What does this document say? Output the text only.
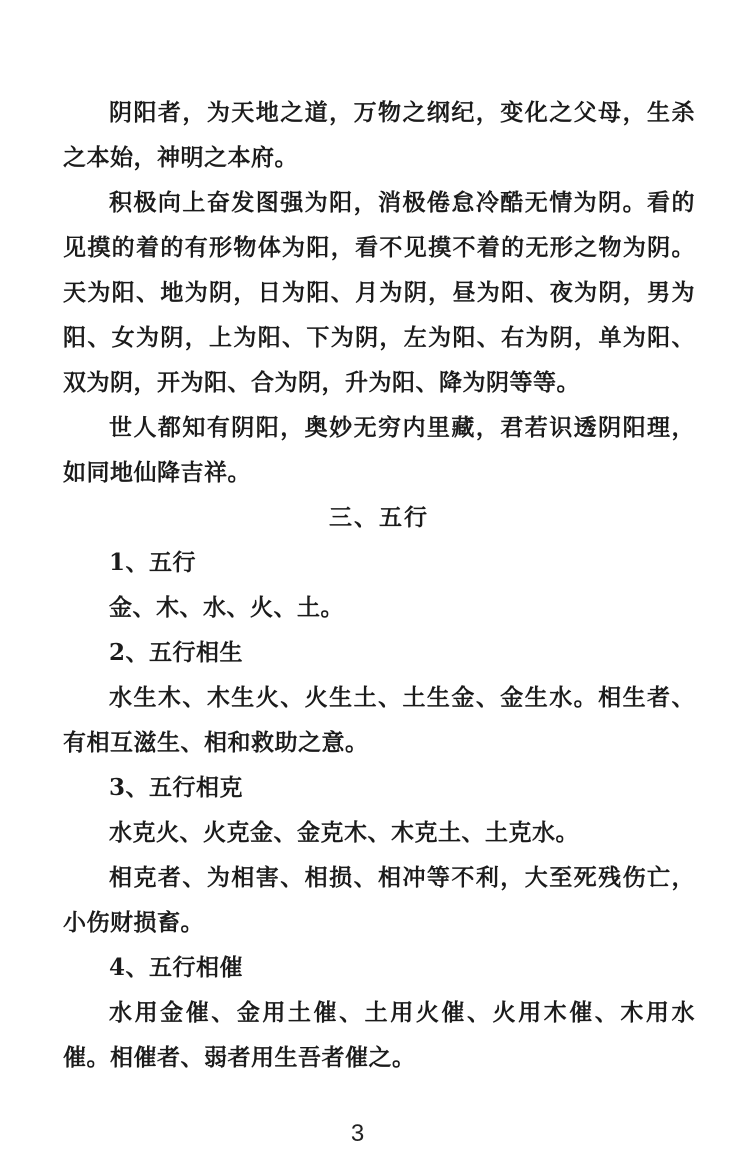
阴阳者，为天地之道，万物之纲纪，变化之父母，生杀之本始，神明之本府。

积极向上奋发图强为阳，消极倦怠冷酷无情为阴。看的见摸的着的有形物体为阳，看不见摸不着的无形之物为阴。天为阳、地为阴，日为阳、月为阴，昼为阳、夜为阴，男为阳、女为阴，上为阳、下为阴，左为阳、右为阴，单为阳、双为阴，开为阳、合为阴，升为阳、降为阴等等。

世人都知有阴阳，奥妙无穷内里藏，君若识透阴阳理，如同地仙降吉祥。

三、五行

1、五行

金、木、水、火、土。

2、五行相生

水生木、木生火、火生土、土生金、金生水。相生者、有相互滋生、相和救助之意。

3、五行相克

水克火、火克金、金克木、木克土、土克水。

相克者、为相害、相损、相冲等不利，大至死残伤亡，小伤财损畜。

4、五行相催

水用金催、金用土催、土用火催、火用木催、木用水催。相催者、弱者用生吾者催之。

3
